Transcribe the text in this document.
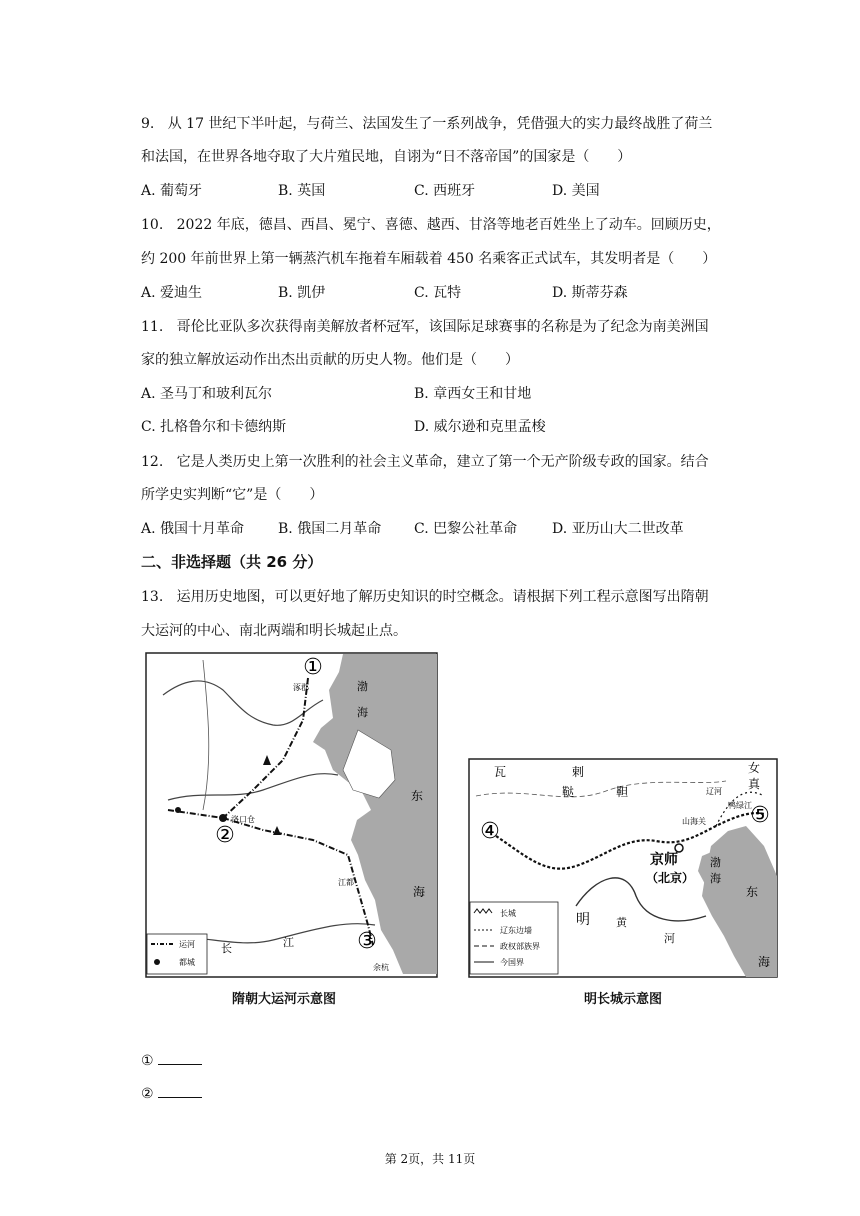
9. 从 17 世纪下半叶起，与荷兰、法国发生了一系列战争，凭借强大的实力最终战胜了荷兰
和法国，在世界各地夺取了大片殖民地，自诩为“日不落帝国”的国家是（　　）
A. 葡萄牙	B. 英国	C. 西班牙	D. 美国
10. 2022 年底，德昌、西昌、冕宁、喜德、越西、甘洛等地老百姓坐上了动车。回顾历史，
约 200 年前世界上第一辆蒸汽机车拖着车厢载着 450 名乘客正式试车，其发明者是（　　）
A. 爱迪生	B. 凯伊	C. 瓦特	D. 斯蒂芬森
11. 哥伦比亚队多次获得南美解放者杯冠军，该国际足球赛事的名称是为了纪念为南美洲国
家的独立解放运动作出杰出贡献的历史人物。他们是（　　）
A. 圣马丁和玻利瓦尔	B. 章西女王和甘地
C. 扎格鲁尔和卡德纳斯	D. 威尔逊和克里孟梭
12. 它是人类历史上第一次胜利的社会主义革命，建立了第一个无产阶级专政的国家。结合
所学史实判断“它”是（　　）
A. 俄国十月革命 B. 俄国二月革命 C. 巴黎公社革命 D. 亚历山大二世改革
二、非选择题（共 26 分）
13. 运用历史地图，可以更好地了解历史知识的时空概念。请根据下列工程示意图写出隋朝
大运河的中心、南北两端和明长城起止点。
①
②
③
渤
海
东
海
涿郡
洛口仓
江都
长	江
余杭
运河
都城
隋朝大运河示意图
长城
辽东边墙
政权部族界
今国界
④
⑤
瓦	剌
鞑	靼
女
真
山海关
京师
（北京）
明 黄
河
渤
海
东
海
辽河
鸭绿江
明长城示意图
①
②
第 2页，共 11页
